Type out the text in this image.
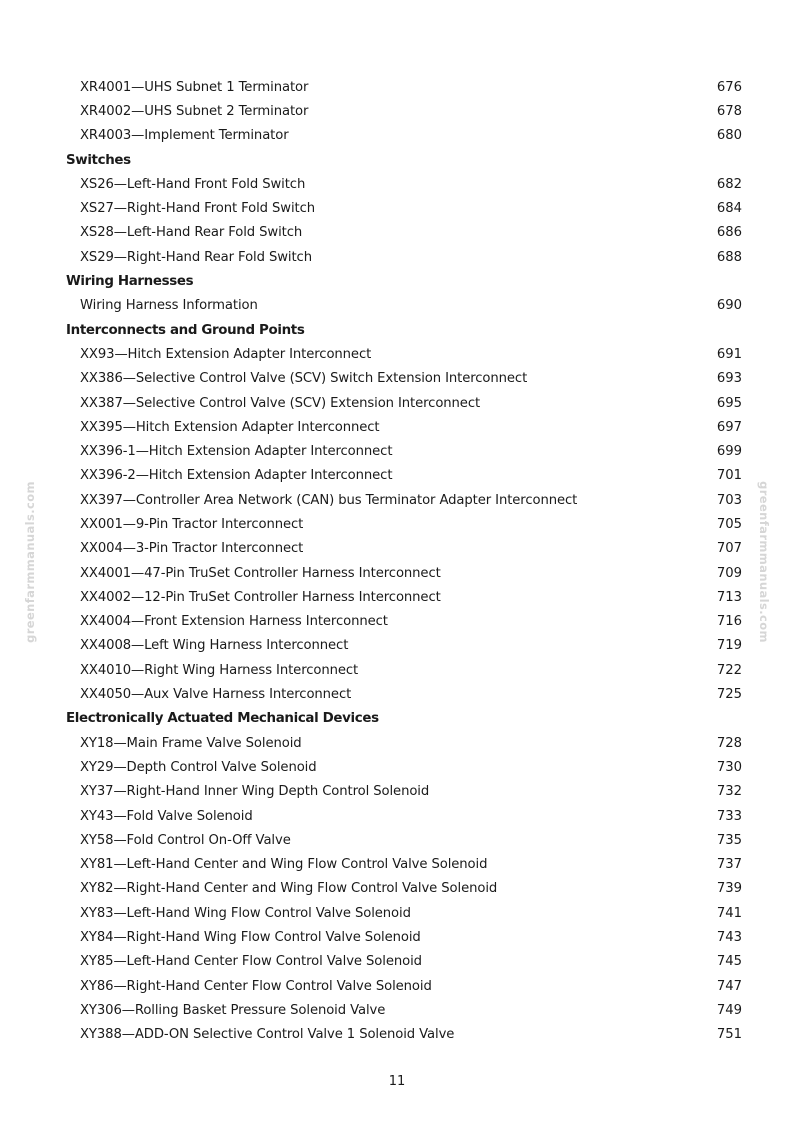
XR4001—UHS Subnet 1 Terminator	676
XR4002—UHS Subnet 2 Terminator	678
XR4003—Implement Terminator	680
Switches
XS26—Left-Hand Front Fold Switch	682
XS27—Right-Hand Front Fold Switch	684
XS28—Left-Hand Rear Fold Switch	686
XS29—Right-Hand Rear Fold Switch	688
Wiring Harnesses
Wiring Harness Information	690
Interconnects and Ground Points
XX93—Hitch Extension Adapter Interconnect	691
XX386—Selective Control Valve (SCV) Switch Extension Interconnect	693
XX387—Selective Control Valve (SCV) Extension Interconnect	695
XX395—Hitch Extension Adapter Interconnect	697
XX396-1—Hitch Extension Adapter Interconnect	699
XX396-2—Hitch Extension Adapter Interconnect	701
XX397—Controller Area Network (CAN) bus Terminator Adapter Interconnect	703
XX001—9-Pin Tractor Interconnect	705
XX004—3-Pin Tractor Interconnect	707
XX4001—47-Pin TruSet Controller Harness Interconnect	709
XX4002—12-Pin TruSet Controller Harness Interconnect	713
XX4004—Front Extension Harness Interconnect	716
XX4008—Left Wing Harness Interconnect	719
XX4010—Right Wing Harness Interconnect	722
XX4050—Aux Valve Harness Interconnect	725
Electronically Actuated Mechanical Devices
XY18—Main Frame Valve Solenoid	728
XY29—Depth Control Valve Solenoid	730
XY37—Right-Hand Inner Wing Depth Control Solenoid	732
XY43—Fold Valve Solenoid	733
XY58—Fold Control On-Off Valve	735
XY81—Left-Hand Center and Wing Flow Control Valve Solenoid	737
XY82—Right-Hand Center and Wing Flow Control Valve Solenoid	739
XY83—Left-Hand Wing Flow Control Valve Solenoid	741
XY84—Right-Hand Wing Flow Control Valve Solenoid	743
XY85—Left-Hand Center Flow Control Valve Solenoid	745
XY86—Right-Hand Center Flow Control Valve Solenoid	747
XY306—Rolling Basket Pressure Solenoid Valve	749
XY388—ADD-ON Selective Control Valve 1 Solenoid Valve	751
11
greenfarmmanuals.com	greenfarmmanuals.com
